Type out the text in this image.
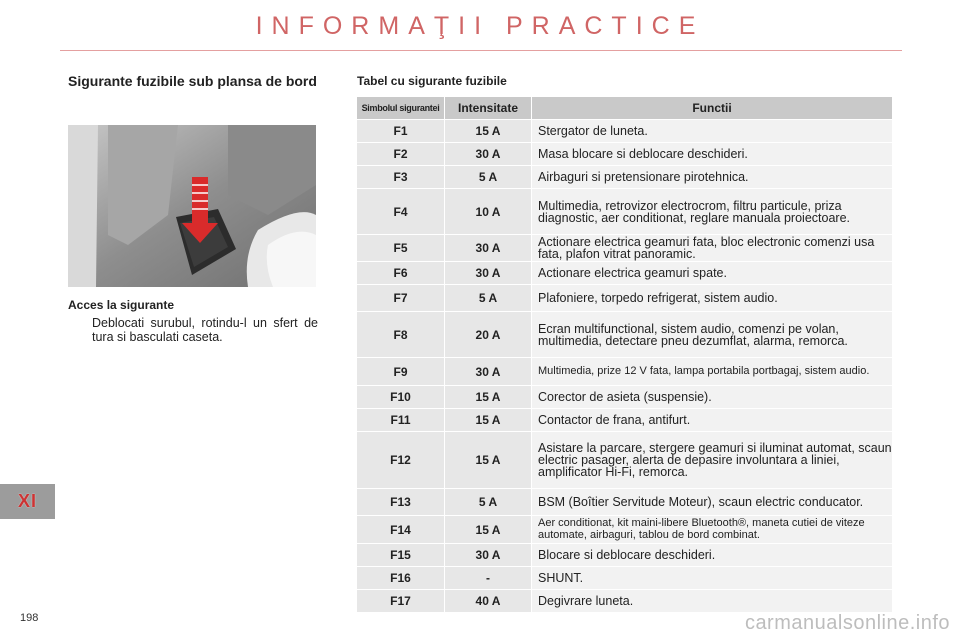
INFORMAŢII PRACTICE
Sigurante fuzibile sub plansa de bord
Acces la sigurante
Deblocati surubul, rotindu-l un sfert de tura si basculati caseta.
Tabel cu sigurante fuzibile
Simbolul sigurantei	Intensitate	Functii
F1	15 A	Stergator de luneta.
F2	30 A	Masa blocare si deblocare deschideri.
F3	5 A	Airbaguri si pretensionare pirotehnica.
F4	10 A	Multimedia, retrovizor electrocrom, filtru particule, priza diagnostic, aer conditionat, reglare manuala proiectoare.
F5	30 A	Actionare electrica geamuri fata, bloc electronic comenzi usa fata, plafon vitrat panoramic.
F6	30 A	Actionare electrica geamuri spate.
F7	5 A	Plafoniere, torpedo refrigerat, sistem audio.
F8	20 A	Ecran multifunctional, sistem audio, comenzi pe volan, multimedia, detectare pneu dezumflat, alarma, remorca.
F9	30 A	Multimedia, prize 12 V fata, lampa portabila portbagaj, sistem audio.
F10	15 A	Corector de asieta (suspensie).
F11	15 A	Contactor de frana, antifurt.
F12	15 A	Asistare la parcare, stergere geamuri si iluminat automat, scaun electric pasager, alerta de depasire involuntara a liniei, amplificator Hi-Fi, remorca.
F13	5 A	BSM (Boîtier Servitude Moteur), scaun electric conducator.
F14	15 A	Aer conditionat, kit maini-libere Bluetooth®, maneta cutiei de viteze automate, airbaguri, tablou de bord combinat.
F15	30 A	Blocare si deblocare deschideri.
F16	-	SHUNT.
F17	40 A	Degivrare luneta.
XI
198	carmanualsonline.info
